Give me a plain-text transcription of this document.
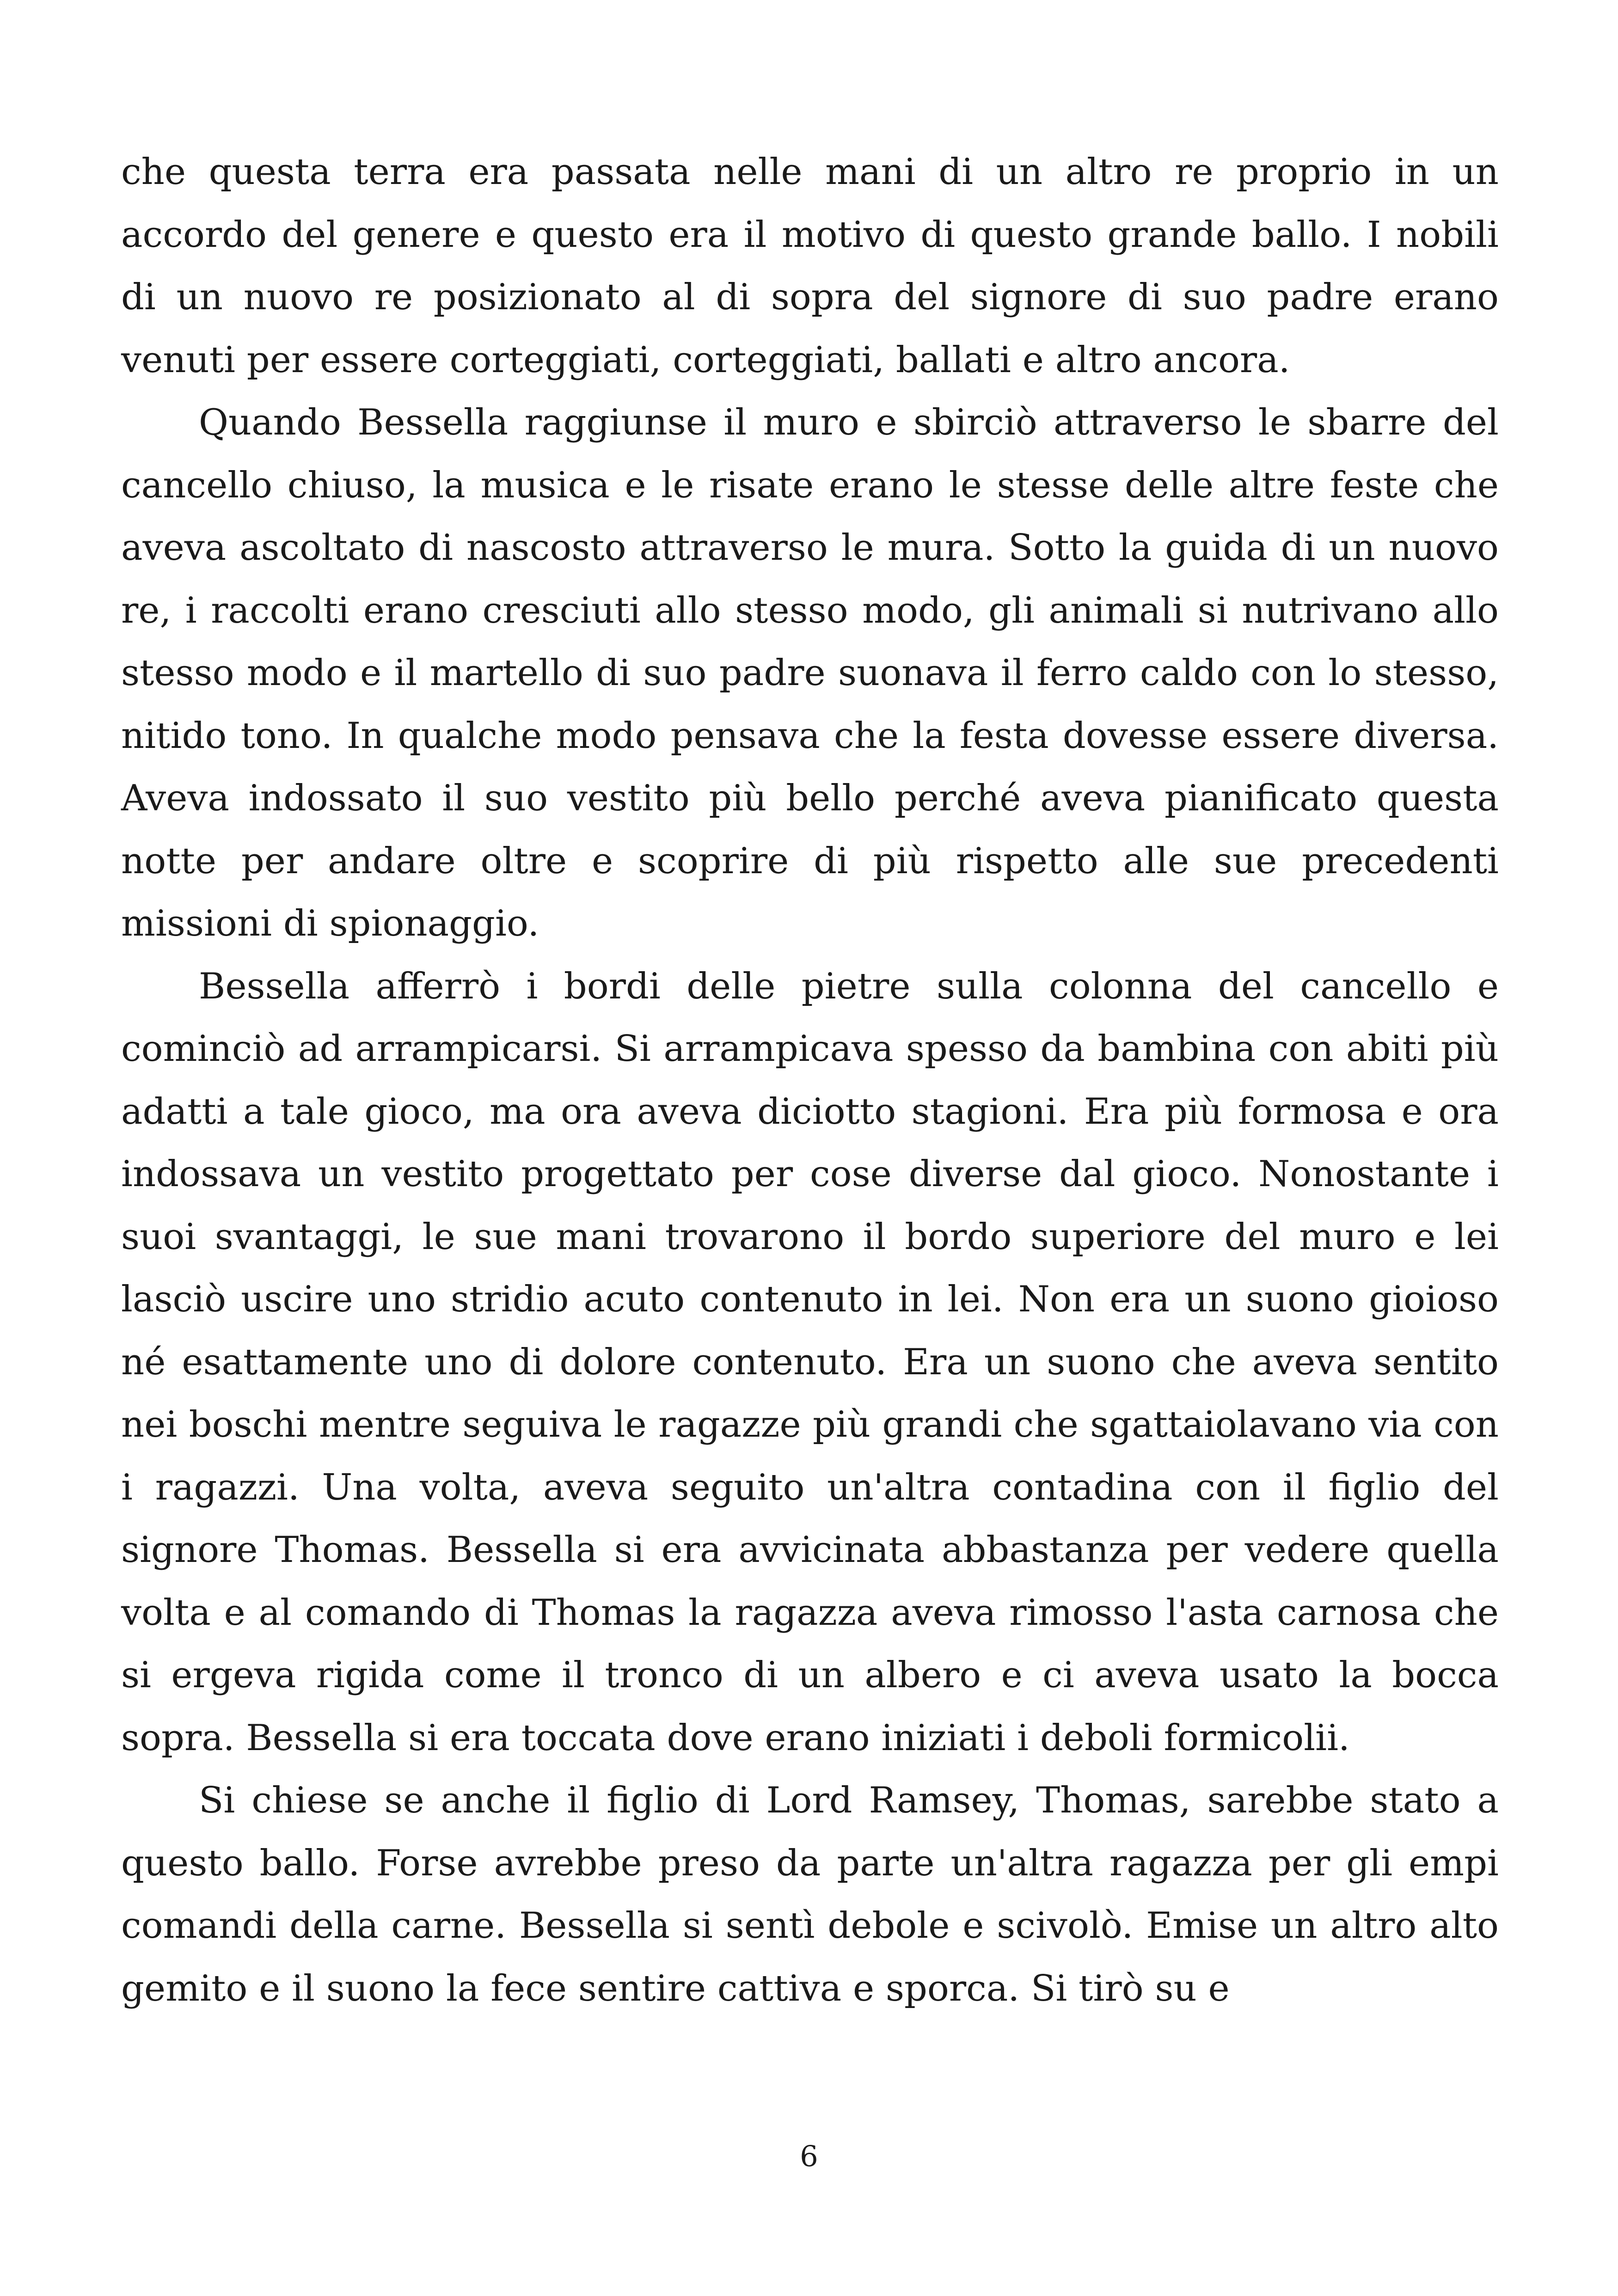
che questa terra era passata nelle mani di un altro re proprio in un accordo del genere e questo era il motivo di questo grande ballo. I nobili di un nuovo re posizionato al di sopra del signore di suo padre erano venuti per essere corteggiati, corteggiati, ballati e altro ancora.

Quando Bessella raggiunse il muro e sbirciò attraverso le sbarre del cancello chiuso, la musica e le risate erano le stesse delle altre feste che aveva ascoltato di nascosto attraverso le mura. Sotto la guida di un nuovo re, i raccolti erano cresciuti allo stesso modo, gli animali si nutrivano allo stesso modo e il martello di suo padre suonava il ferro caldo con lo stesso, nitido tono. In qualche modo pensava che la festa dovesse essere diversa. Aveva indossato il suo vestito più bello perché aveva pianificato questa notte per andare oltre e scoprire di più rispetto alle sue precedenti missioni di spionaggio.

Bessella afferrò i bordi delle pietre sulla colonna del cancello e cominciò ad arrampicarsi. Si arrampicava spesso da bambina con abiti più adatti a tale gioco, ma ora aveva diciotto stagioni. Era più formosa e ora indossava un vestito progettato per cose diverse dal gioco. Nonostante i suoi svantaggi, le sue mani trovarono il bordo superiore del muro e lei lasciò uscire uno stridio acuto contenuto in lei. Non era un suono gioioso né esattamente uno di dolore contenuto. Era un suono che aveva sentito nei boschi mentre seguiva le ragazze più grandi che sgattaiolavano via con i ragazzi. Una volta, aveva seguito un'altra contadina con il figlio del signore Thomas. Bessella si era avvicinata abbastanza per vedere quella volta e al comando di Thomas la ragazza aveva rimosso l'asta carnosa che si ergeva rigida come il tronco di un albero e ci aveva usato la bocca sopra. Bessella si era toccata dove erano iniziati i deboli formicolii.

Si chiese se anche il figlio di Lord Ramsey, Thomas, sarebbe stato a questo ballo. Forse avrebbe preso da parte un'altra ragazza per gli empi comandi della carne. Bessella si sentì debole e scivolò. Emise un altro alto gemito e il suono la fece sentire cattiva e sporca. Si tirò su e

6
